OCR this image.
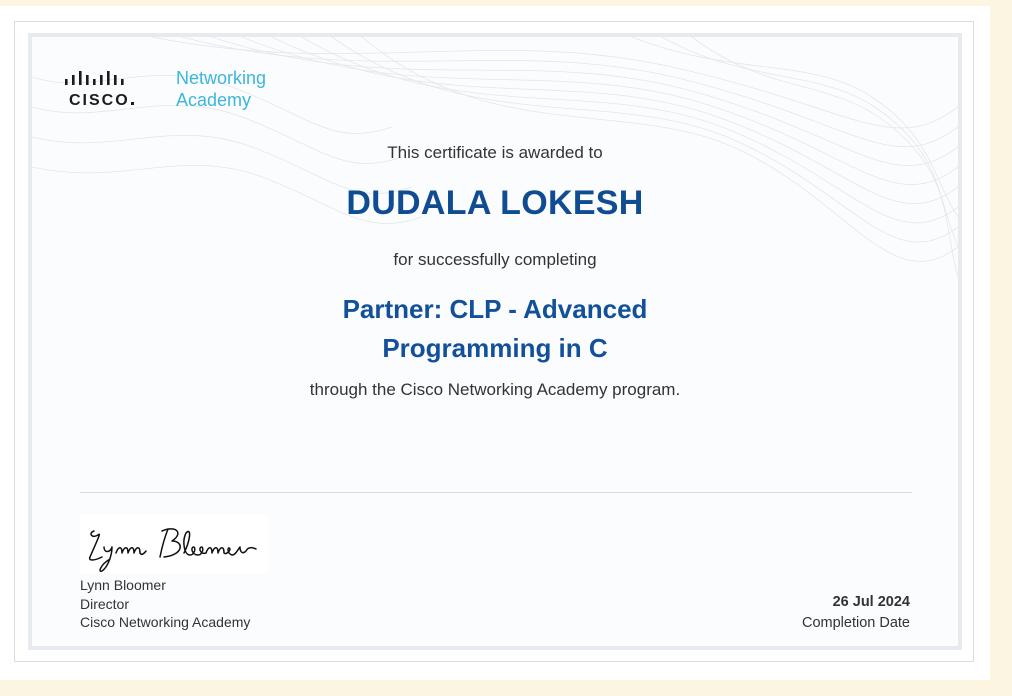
CISCO
Networking
Academy
This certificate is awarded to
DUDALA LOKESH
for successfully completing
Partner: CLP - Advanced
Programming in C
through the Cisco Networking Academy program.
Lynn Bloomer
Director
Cisco Networking Academy
26 Jul 2024
Completion Date
